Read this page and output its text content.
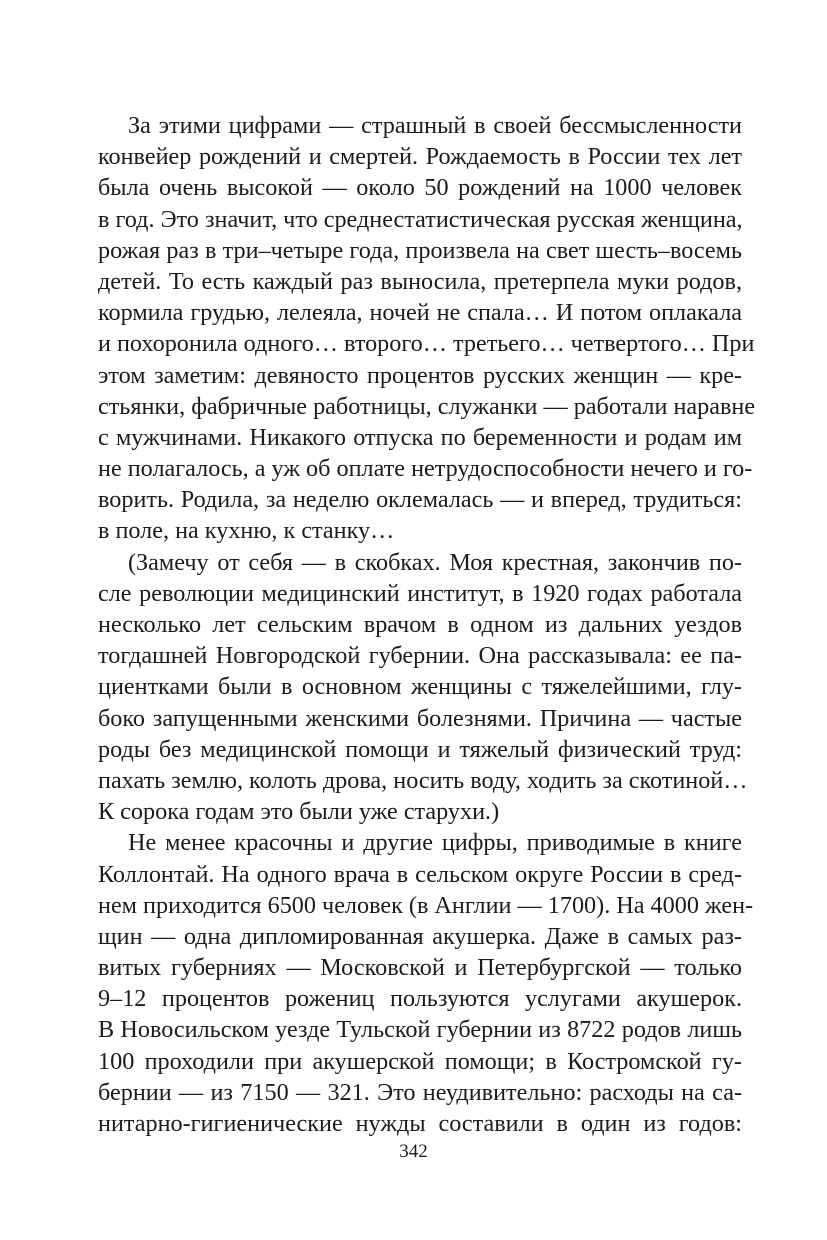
За этими цифрами — страшный в своей бессмысленности
конвейер рождений и смертей. Рождаемость в России тех лет
была очень высокой — около 50 рождений на 1000 человек
в год. Это значит, что среднестатистическая русская женщина,
рожая раз в три–четыре года, произвела на свет шесть–восемь
детей. То есть каждый раз выносила, претерпела муки родов,
кормила грудью, лелеяла, ночей не спала… И потом оплакала
и похоронила одного… второго… третьего… четвертого… При
этом заметим: девяносто процентов русских женщин — кре-
стьянки, фабричные работницы, служанки — работали наравне
с мужчинами. Никакого отпуска по беременности и родам им
не полагалось, а уж об оплате нетрудоспособности нечего и го-
ворить. Родила, за неделю оклемалась — и вперед, трудиться:
в поле, на кухню, к станку…
(Замечу от себя — в скобках. Моя крестная, закончив по-
сле революции медицинский институт, в 1920 годах работала
несколько лет сельским врачом в одном из дальних уездов
тогдашней Новгородской губернии. Она рассказывала: ее па-
циентками были в основном женщины с тяжелейшими, глу-
боко запущенными женскими болезнями. Причина — частые
роды без медицинской помощи и тяжелый физический труд:
пахать землю, колоть дрова, носить воду, ходить за скотиной…
К сорока годам это были уже старухи.)
Не менее красочны и другие цифры, приводимые в книге
Коллонтай. На одного врача в сельском округе России в сред-
нем приходится 6500 человек (в Англии — 1700). На 4000 жен-
щин — одна дипломированная акушерка. Даже в самых раз-
витых губерниях — Московской и Петербургской — только
9–12 процентов рожениц пользуются услугами акушерок.
В Новосильском уезде Тульской губернии из 8722 родов лишь
100 проходили при акушерской помощи; в Костромской гу-
бернии — из 7150 — 321. Это неудивительно: расходы на са-
нитарно-гигиенические нужды составили в один из годов:
342
